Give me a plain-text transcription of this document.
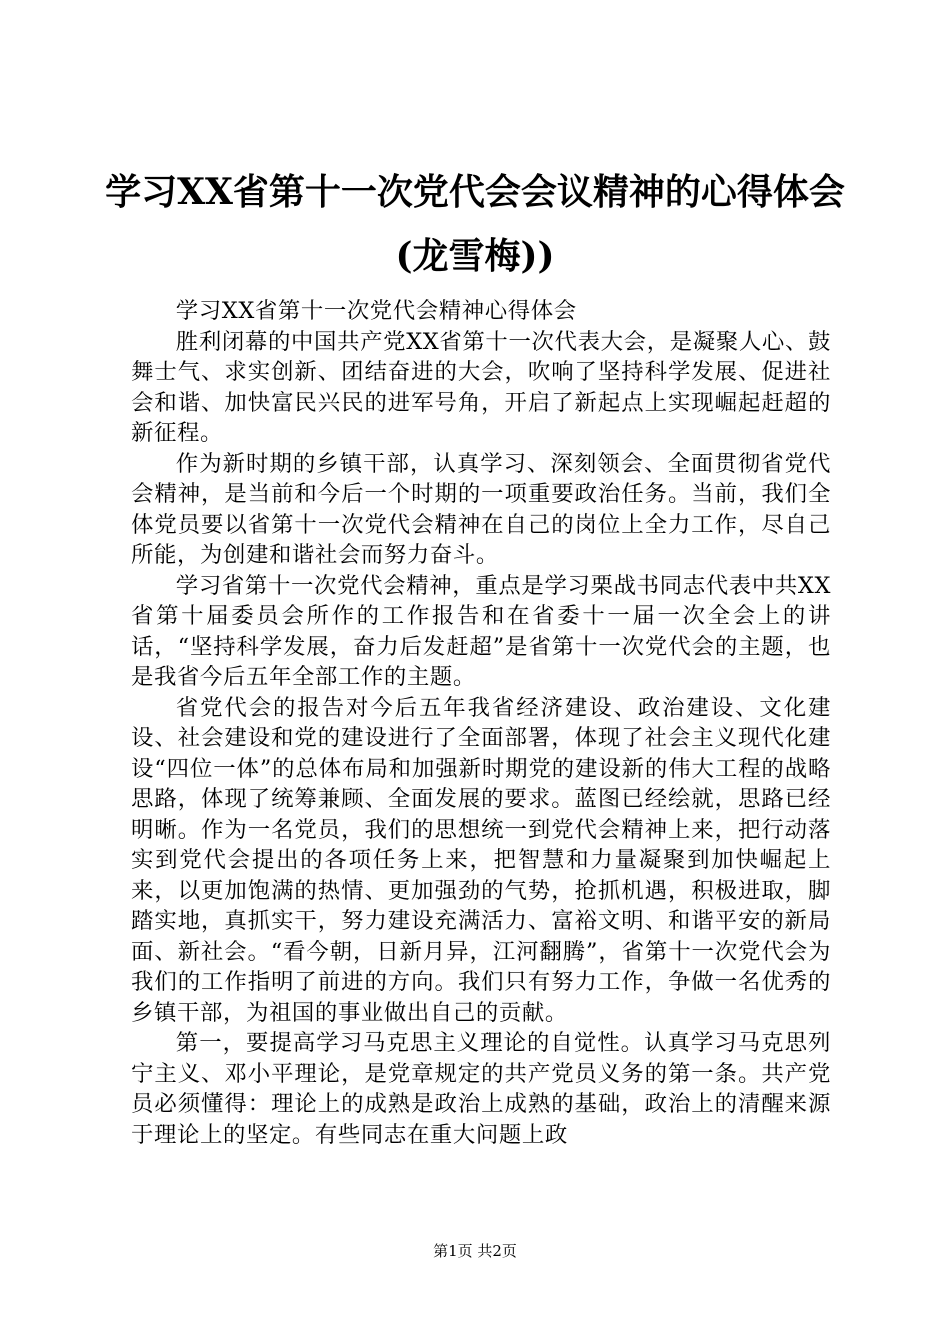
学习XX省第十一次党代会会议精神的心得体会(龙雪梅))

学习XX省第十一次党代会精神心得体会

胜利闭幕的中国共产党XX省第十一次代表大会，是凝聚人心、鼓舞士气、求实创新、团结奋进的大会，吹响了坚持科学发展、促进社会和谐、加快富民兴民的进军号角，开启了新起点上实现崛起赶超的新征程。

作为新时期的乡镇干部，认真学习、深刻领会、全面贯彻省党代会精神，是当前和今后一个时期的一项重要政治任务。当前，我们全体党员要以省第十一次党代会精神在自己的岗位上全力工作，尽自己所能，为创建和谐社会而努力奋斗。

学习省第十一次党代会精神，重点是学习栗战书同志代表中共XX省第十届委员会所作的工作报告和在省委十一届一次全会上的讲话，“坚持科学发展，奋力后发赶超”是省第十一次党代会的主题，也是我省今后五年全部工作的主题。

省党代会的报告对今后五年我省经济建设、政治建设、文化建设、社会建设和党的建设进行了全面部署，体现了社会主义现代化建设“四位一体”的总体布局和加强新时期党的建设新的伟大工程的战略思路，体现了统筹兼顾、全面发展的要求。蓝图已经绘就，思路已经明晰。作为一名党员，我们的思想统一到党代会精神上来，把行动落实到党代会提出的各项任务上来，把智慧和力量凝聚到加快崛起上来，以更加饱满的热情、更加强劲的气势，抢抓机遇，积极进取，脚踏实地，真抓实干，努力建设充满活力、富裕文明、和谐平安的新局面、新社会。“看今朝，日新月异，江河翻腾”，省第十一次党代会为我们的工作指明了前进的方向。我们只有努力工作，争做一名优秀的乡镇干部，为祖国的事业做出自己的贡献。

第一，要提高学习马克思主义理论的自觉性。认真学习马克思列宁主义、邓小平理论，是党章规定的共产党员义务的第一条。共产党员必须懂得：理论上的成熟是政治上成熟的基础，政治上的清醒来源于理论上的坚定。有些同志在重大问题上政

第1页 共2页
